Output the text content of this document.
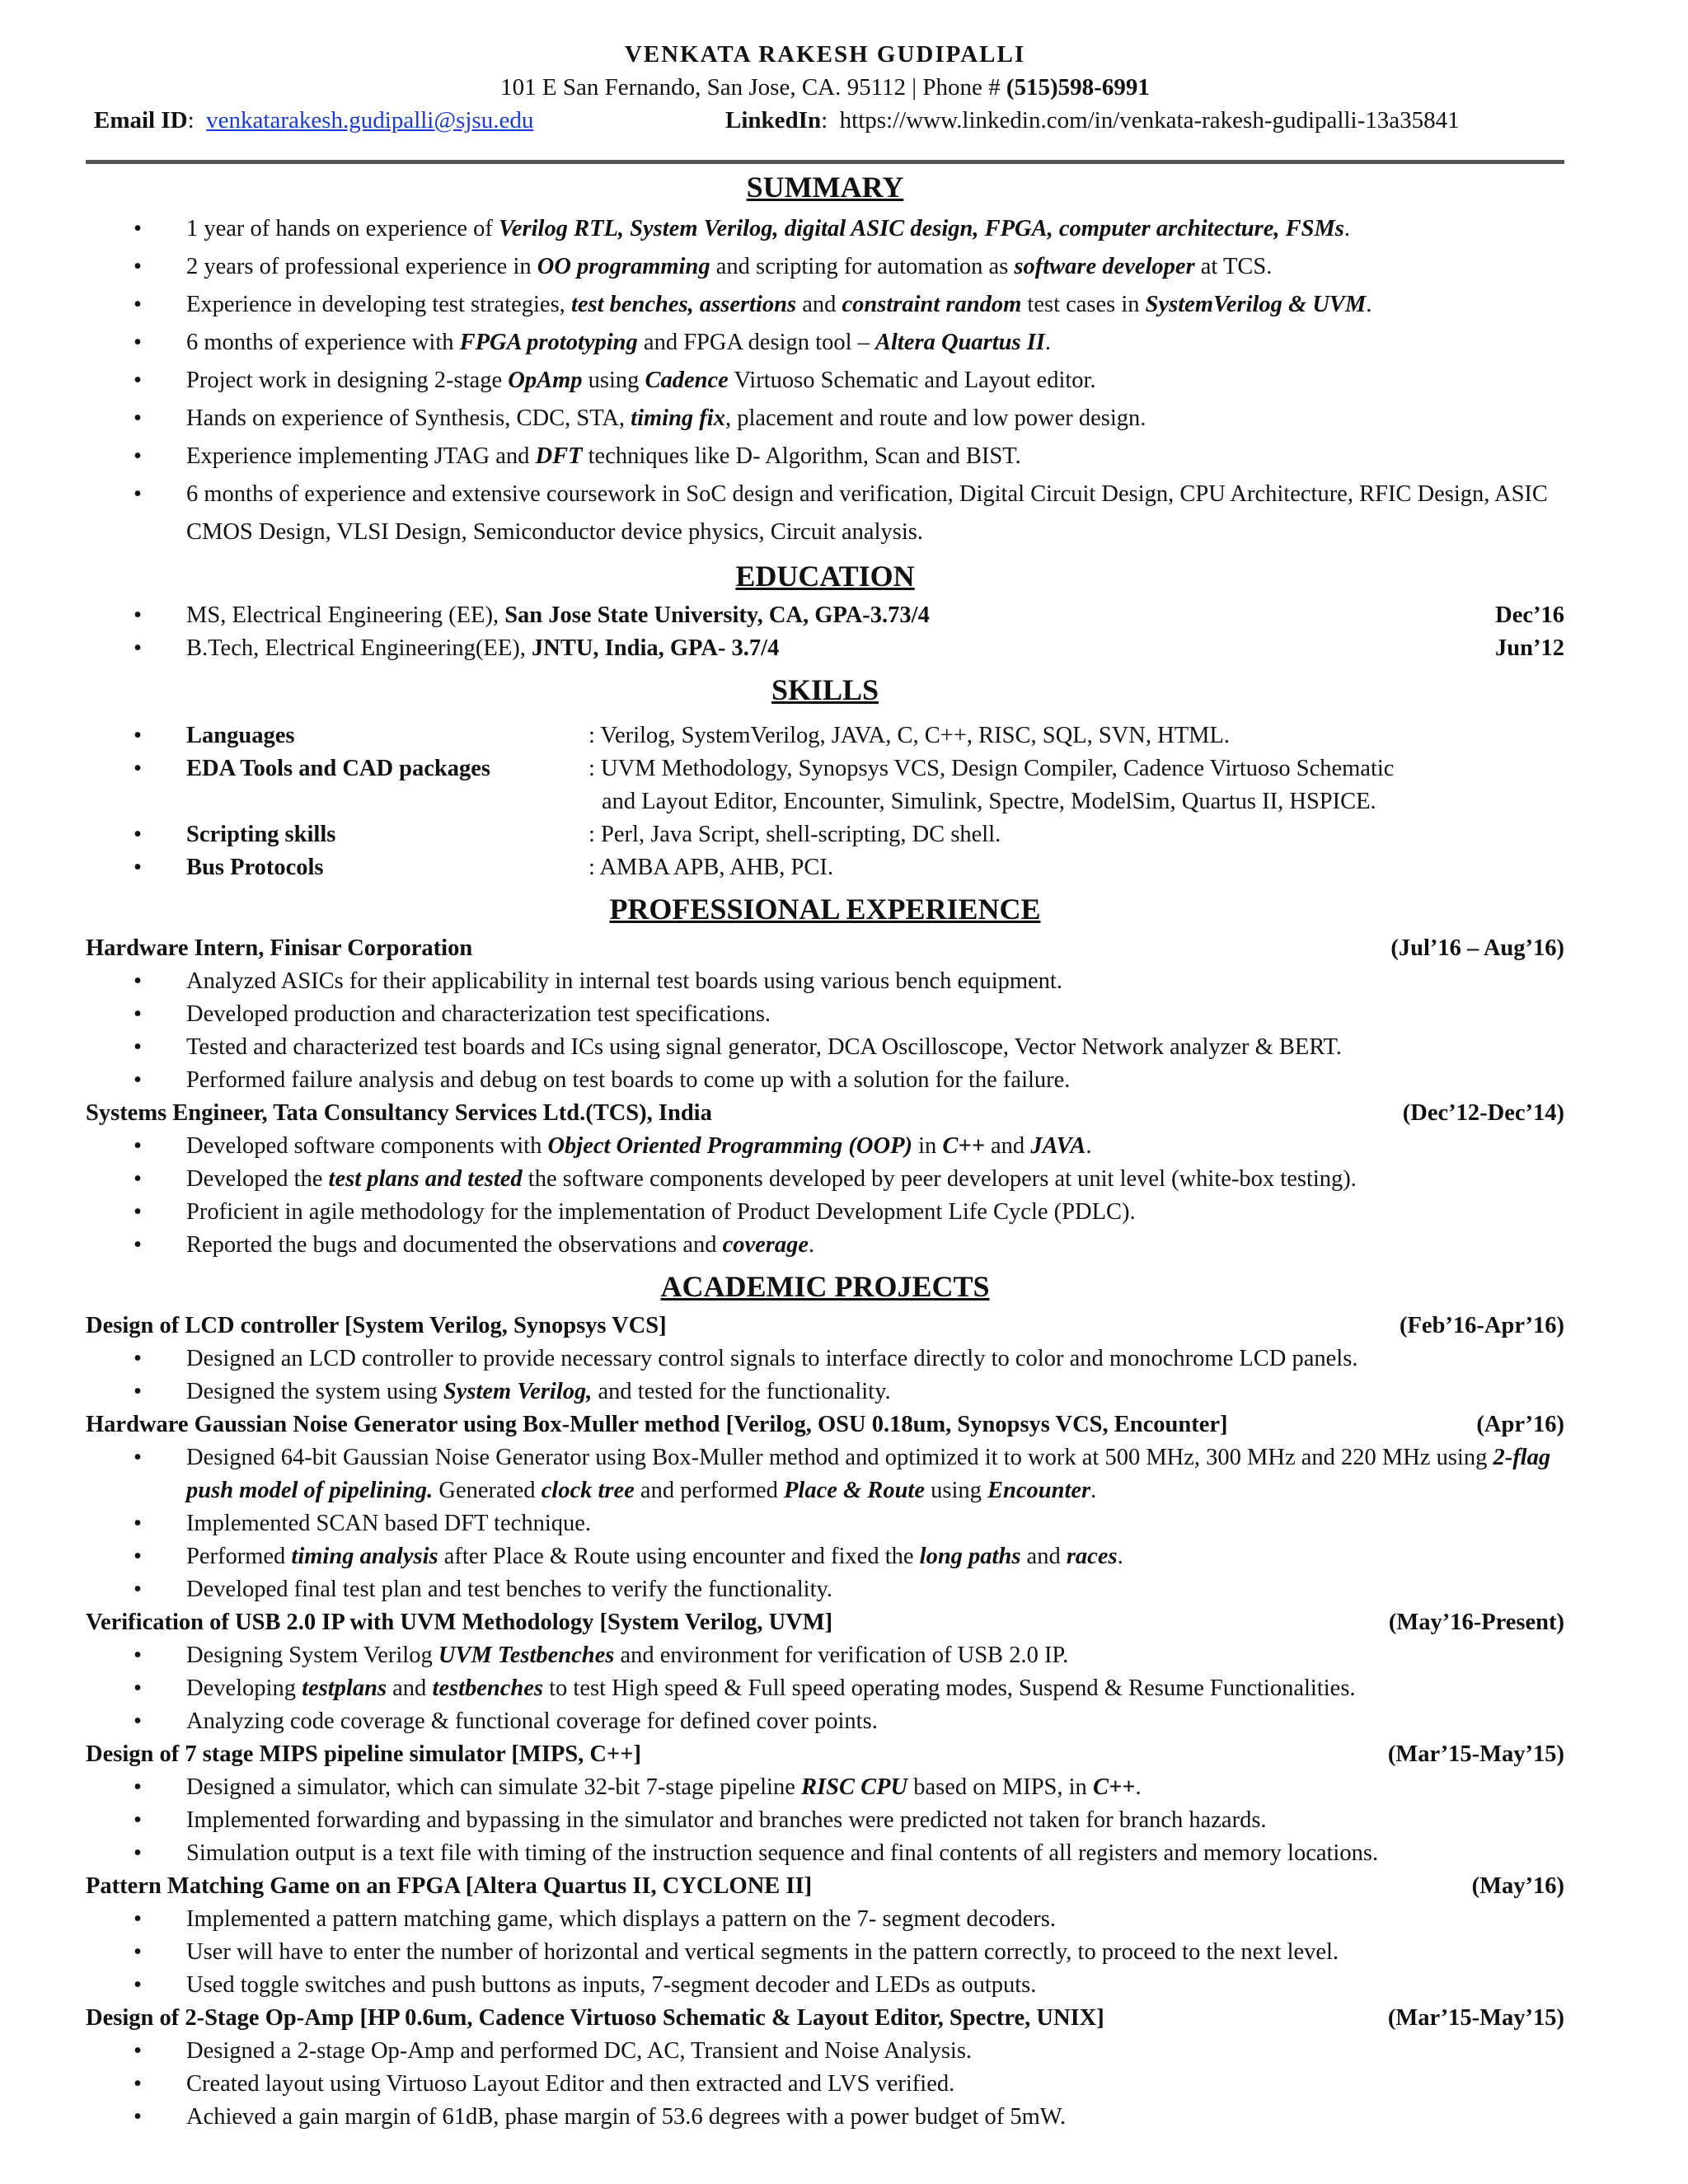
VENKATA RAKESH GUDIPALLI
101 E San Fernando, San Jose, CA. 95112 | Phone # (515)598-6991
Email ID:  venkatarakesh.gudipalli@sjsu.edu	LinkedIn:  https://www.linkedin.com/in/venkata-rakesh-gudipalli-13a35841
SUMMARY
• 1 year of hands on experience of Verilog RTL, System Verilog, digital ASIC design, FPGA, computer architecture, FSMs.
• 2 years of professional experience in OO programming and scripting for automation as software developer at TCS.
• Experience in developing test strategies, test benches, assertions and constraint random test cases in SystemVerilog & UVM.
• 6 months of experience with FPGA prototyping and FPGA design tool – Altera Quartus II.
• Project work in designing 2-stage OpAmp using Cadence Virtuoso Schematic and Layout editor.
• Hands on experience of Synthesis, CDC, STA, timing fix, placement and route and low power design.
• Experience implementing JTAG and DFT techniques like D- Algorithm, Scan and BIST.
• 6 months of experience and extensive coursework in SoC design and verification, Digital Circuit Design, CPU Architecture, RFIC Design, ASIC CMOS Design, VLSI Design, Semiconductor device physics, Circuit analysis.
EDUCATION
• MS, Electrical Engineering (EE), San Jose State University, CA, GPA-3.73/4	Dec’16
• B.Tech, Electrical Engineering(EE), JNTU, India, GPA- 3.7/4	Jun’12
SKILLS
• Languages	: Verilog, SystemVerilog, JAVA, C, C++, RISC, SQL, SVN, HTML.
• EDA Tools and CAD packages	: UVM Methodology, Synopsys VCS, Design Compiler, Cadence Virtuoso Schematic
and Layout Editor, Encounter, Simulink, Spectre, ModelSim, Quartus II, HSPICE.
• Scripting skills	: Perl, Java Script, shell-scripting, DC shell.
• Bus Protocols	: AMBA APB, AHB, PCI.
PROFESSIONAL EXPERIENCE
Hardware Intern, Finisar Corporation	(Jul’16 – Aug’16)
• Analyzed ASICs for their applicability in internal test boards using various bench equipment.
• Developed production and characterization test specifications.
• Tested and characterized test boards and ICs using signal generator, DCA Oscilloscope, Vector Network analyzer & BERT.
• Performed failure analysis and debug on test boards to come up with a solution for the failure.
Systems Engineer, Tata Consultancy Services Ltd.(TCS), India	(Dec’12-Dec’14)
• Developed software components with Object Oriented Programming (OOP) in C++ and JAVA.
• Developed the test plans and tested the software components developed by peer developers at unit level (white-box testing).
• Proficient in agile methodology for the implementation of Product Development Life Cycle (PDLC).
• Reported the bugs and documented the observations and coverage.
ACADEMIC PROJECTS
Design of LCD controller [System Verilog, Synopsys VCS]	(Feb’16-Apr’16)
• Designed an LCD controller to provide necessary control signals to interface directly to color and monochrome LCD panels.
• Designed the system using System Verilog, and tested for the functionality.
Hardware Gaussian Noise Generator using Box-Muller method [Verilog, OSU 0.18um, Synopsys VCS, Encounter]	(Apr’16)
• Designed 64-bit Gaussian Noise Generator using Box-Muller method and optimized it to work at 500 MHz, 300 MHz and 220 MHz using 2-flag push model of pipelining. Generated clock tree and performed Place & Route using Encounter.
• Implemented SCAN based DFT technique.
• Performed timing analysis after Place & Route using encounter and fixed the long paths and races.
• Developed final test plan and test benches to verify the functionality.
Verification of USB 2.0 IP with UVM Methodology [System Verilog, UVM]	(May’16-Present)
• Designing System Verilog UVM Testbenches and environment for verification of USB 2.0 IP.
• Developing testplans and testbenches to test High speed & Full speed operating modes, Suspend & Resume Functionalities.
• Analyzing code coverage & functional coverage for defined cover points.
Design of 7 stage MIPS pipeline simulator [MIPS, C++]	(Mar’15-May’15)
• Designed a simulator, which can simulate 32-bit 7-stage pipeline RISC CPU based on MIPS, in C++.
• Implemented forwarding and bypassing in the simulator and branches were predicted not taken for branch hazards.
• Simulation output is a text file with timing of the instruction sequence and final contents of all registers and memory locations.
Pattern Matching Game on an FPGA [Altera Quartus II, CYCLONE II]	(May’16)
• Implemented a pattern matching game, which displays a pattern on the 7- segment decoders.
• User will have to enter the number of horizontal and vertical segments in the pattern correctly, to proceed to the next level.
• Used toggle switches and push buttons as inputs, 7-segment decoder and LEDs as outputs.
Design of 2-Stage Op-Amp [HP 0.6um, Cadence Virtuoso Schematic & Layout Editor, Spectre, UNIX]	(Mar’15-May’15)
• Designed a 2-stage Op-Amp and performed DC, AC, Transient and Noise Analysis.
• Created layout using Virtuoso Layout Editor and then extracted and LVS verified.
• Achieved a gain margin of 61dB, phase margin of 53.6 degrees with a power budget of 5mW.
